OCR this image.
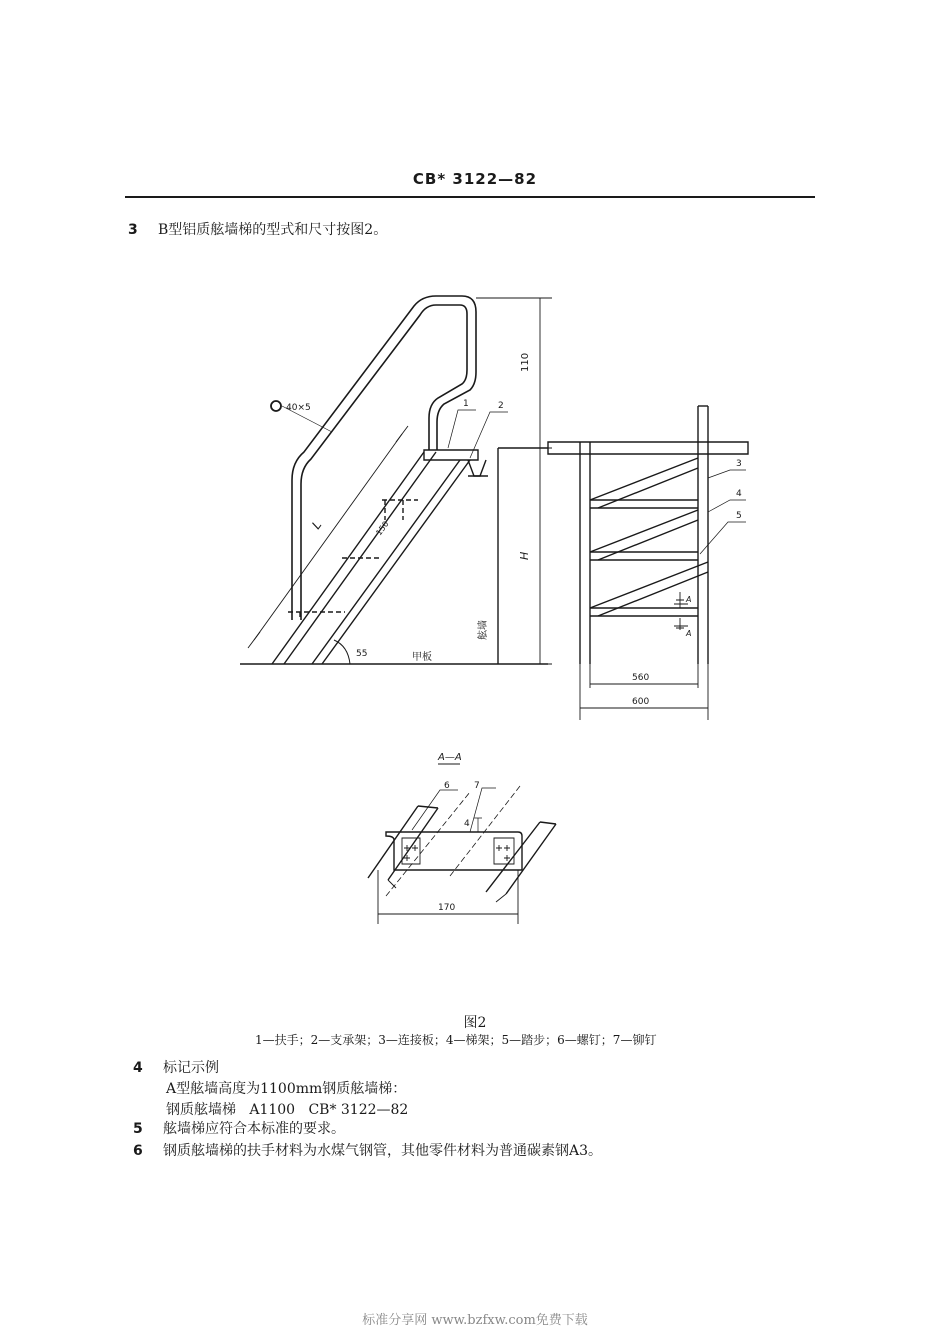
CB* 3122—82
3 B型铝质舷墙梯的型式和尺寸按图2。
40×5	1	2
110
H
L	150
55	甲板
舷墙
3
4
5
A
A
560
600
A—A
6	7
4
170
图2
1—扶手；2—支承架；3—连接板；4—梯架；5—踏步；6—螺钉；7—铆钉
4 标记示例
A型舷墙高度为1100mm钢质舷墙梯：
钢质舷墙梯   A1100   CB* 3122—82
5 舷墙梯应符合本标准的要求。
6 钢质舷墙梯的扶手材料为水煤气钢管，其他零件材料为普通碳素钢A3。
标准分享网 www.bzfxw.com免费下载
